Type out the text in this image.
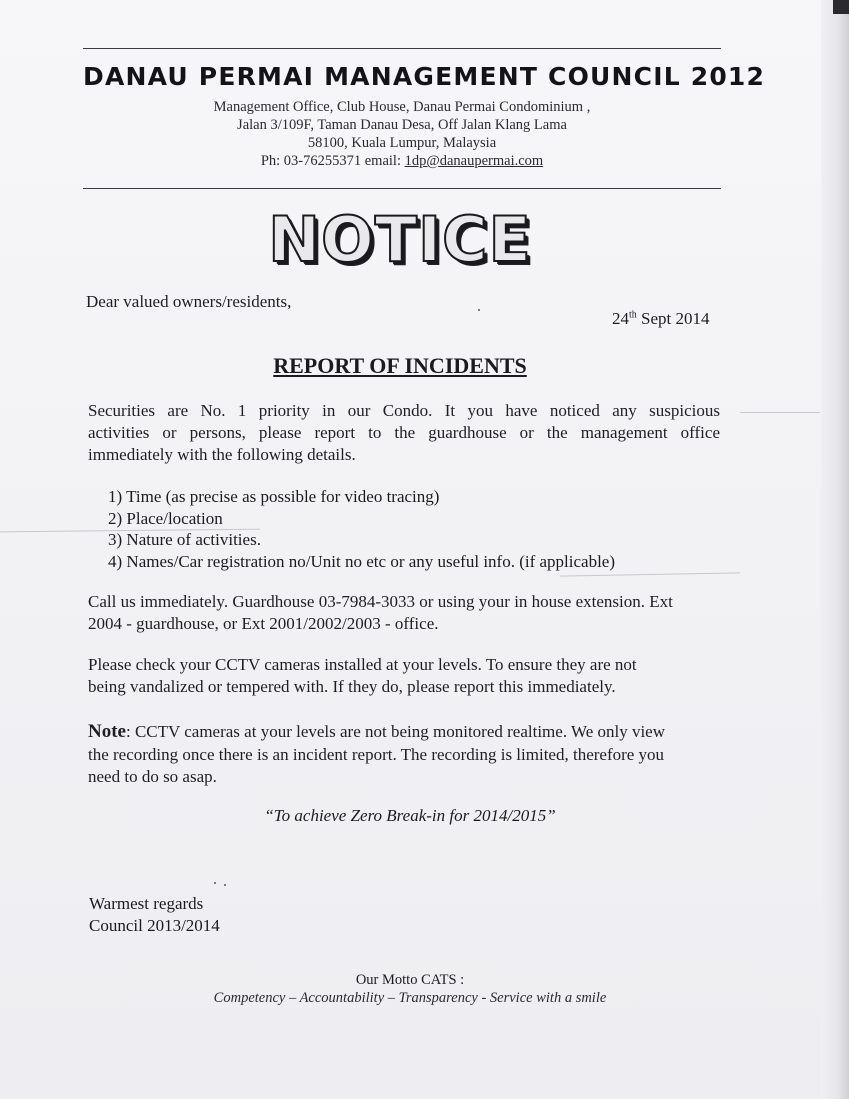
DANAU PERMAI MANAGEMENT COUNCIL 2012
Management Office, Club House, Danau Permai Condominium ,
Jalan 3/109F, Taman Danau Desa, Off Jalan Klang Lama
58100, Kuala Lumpur, Malaysia
Ph: 03-76255371 email: 1dp@danaupermai.com
NOTICE
Dear valued owners/residents,
24th Sept 2014
REPORT OF INCIDENTS
Securities are No. 1 priority in our Condo. It you have noticed any suspicious
activities or persons, please report to the guardhouse or the management office
immediately with the following details.
1) Time (as precise as possible for video tracing)
2) Place/location
3) Nature of activities.
4) Names/Car registration no/Unit no etc or any useful info. (if applicable)
Call us immediately. Guardhouse 03-7984-3033 or using your in house extension. Ext
2004 - guardhouse, or Ext 2001/2002/2003 - office.
Please check your CCTV cameras installed at your levels. To ensure they are not
being vandalized or tempered with. If they do, please report this immediately.
Note: CCTV cameras at your levels are not being monitored realtime. We only view
the recording once there is an incident report. The recording is limited, therefore you
need to do so asap.
“To achieve Zero Break-in for 2014/2015”
Warmest regards
Council 2013/2014
Our Motto CATS :
Competency – Accountability – Transparency - Service with a smile
